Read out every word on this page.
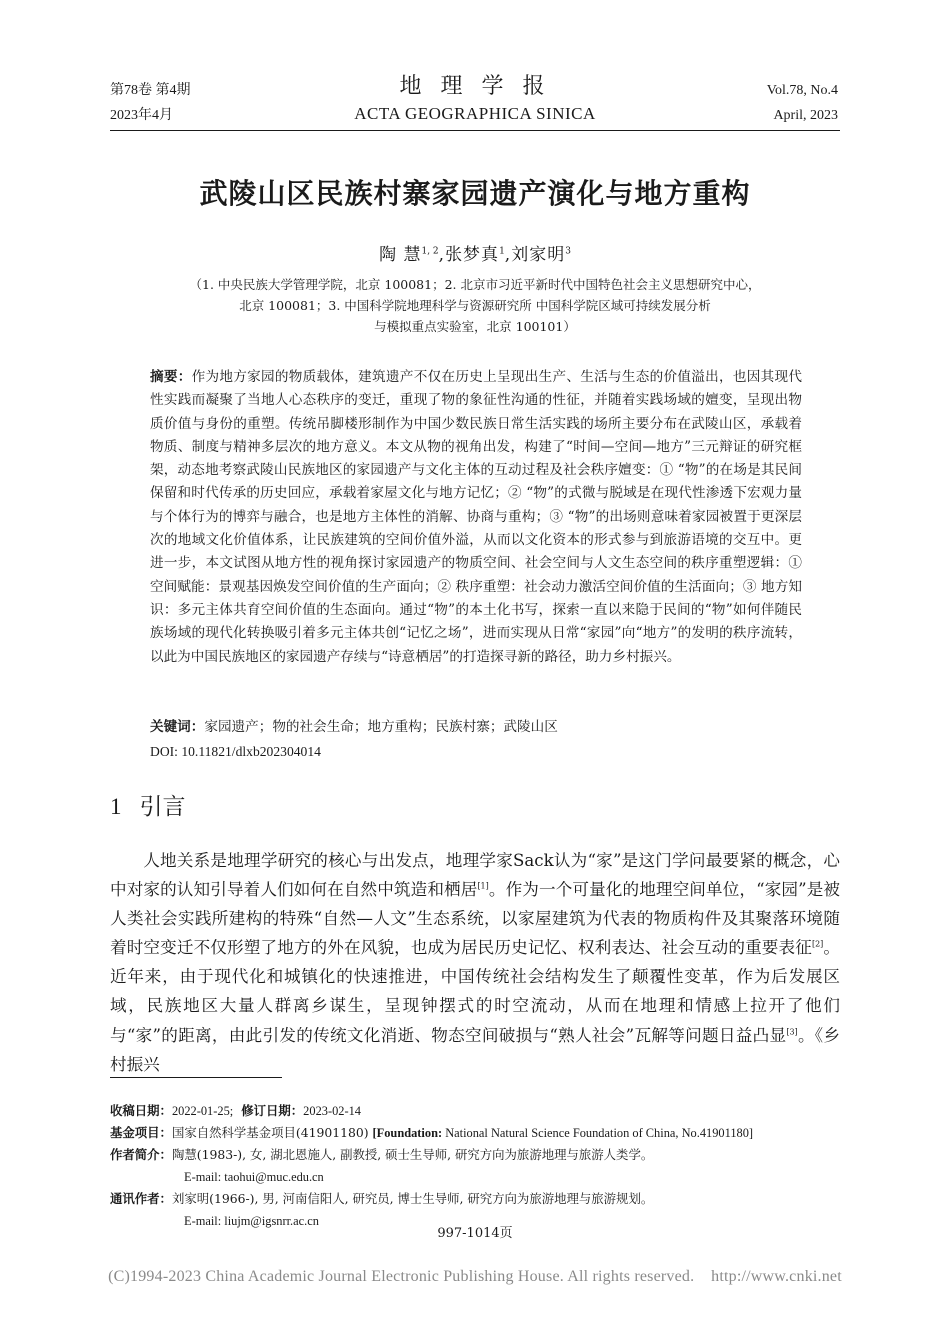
第78卷 第4期
2023年4月
地 理 学 报
ACTA GEOGRAPHICA SINICA
Vol.78, No.4
April, 2023
武陵山区民族村寨家园遗产演化与地方重构
陶 慧$^{1, 2}$,张梦真$^1$,刘家明$^3$
（1. 中央民族大学管理学院，北京 100081；2. 北京市习近平新时代中国特色社会主义思想研究中心，
北京 100081；3. 中国科学院地理科学与资源研究所 中国科学院区域可持续发展分析
与模拟重点实验室，北京 100101）
摘要：作为地方家园的物质载体，建筑遗产不仅在历史上呈现出生产、生活与生态的价值溢出，也因其现代性实践而凝聚了当地人心态秩序的变迁，重现了物的象征性沟通的性征，并随着实践场域的嬗变，呈现出物质价值与身份的重塑。传统吊脚楼形制作为中国少数民族日常生活实践的场所主要分布在武陵山区，承载着物质、制度与精神多层次的地方意义。本文从物的视角出发，构建了“时间—空间—地方”三元辩证的研究框架，动态地考察武陵山民族地区的家园遗产与文化主体的互动过程及社会秩序嬗变：① “物”的在场是其民间保留和时代传承的历史回应，承载着家屋文化与地方记忆；② “物”的式微与脱域是在现代性渗透下宏观力量与个体行为的博弈与融合，也是地方主体性的消解、协商与重构；③ “物”的出场则意味着家园被置于更深层次的地域文化价值体系，让民族建筑的空间价值外溢，从而以文化资本的形式参与到旅游语境的交互中。更进一步，本文试图从地方性的视角探讨家园遗产的物质空间、社会空间与人文生态空间的秩序重塑逻辑：① 空间赋能：景观基因焕发空间价值的生产面向；② 秩序重塑：社会动力激活空间价值的生活面向；③ 地方知识：多元主体共育空间价值的生态面向。通过“物”的本土化书写，探索一直以来隐于民间的“物”如何伴随民族场域的现代化转换吸引着多元主体共创“记忆之场”，进而实现从日常“家园”向“地方”的发明的秩序流转，以此为中国民族地区的家园遗产存续与“诗意栖居”的打造探寻新的路径，助力乡村振兴。
关键词：家园遗产；物的社会生命；地方重构；民族村寨；武陵山区
DOI: 10.11821/dlxb202304014
1 引言
人地关系是地理学研究的核心与出发点，地理学家Sack认为“家”是这门学问最要紧的概念，心中对家的认知引导着人们如何在自然中筑造和栖居[1]。作为一个可量化的地理空间单位，“家园”是被人类社会实践所建构的特殊“自然—人文”生态系统，以家屋建筑为代表的物质构件及其聚落环境随着时空变迁不仅形塑了地方的外在风貌，也成为居民历史记忆、权利表达、社会互动的重要表征[2]。近年来，由于现代化和城镇化的快速推进，中国传统社会结构发生了颠覆性变革，作为后发展区域，民族地区大量人群离乡谋生，呈现钟摆式的时空流动，从而在地理和情感上拉开了他们与“家”的距离，由此引发的传统文化消逝、物态空间破损与“熟人社会”瓦解等问题日益凸显[3]。《乡村振兴
收稿日期： 2022-01-25; 修订日期： 2023-02-14
基金项目： 国家自然科学基金项目(41901180) [Foundation: National Natural Science Foundation of China, No.41901180]
作者简介： 陶慧(1983-), 女, 湖北恩施人, 副教授, 硕士生导师, 研究方向为旅游地理与旅游人类学。
E-mail: taohui@muc.edu.cn
通讯作者： 刘家明(1966-), 男, 河南信阳人, 研究员, 博士生导师, 研究方向为旅游地理与旅游规划。
E-mail: liujm@igsnrr.ac.cn
997-1014页
(C)1994-2023 China Academic Journal Electronic Publishing House. All rights reserved.    http://www.cnki.net
